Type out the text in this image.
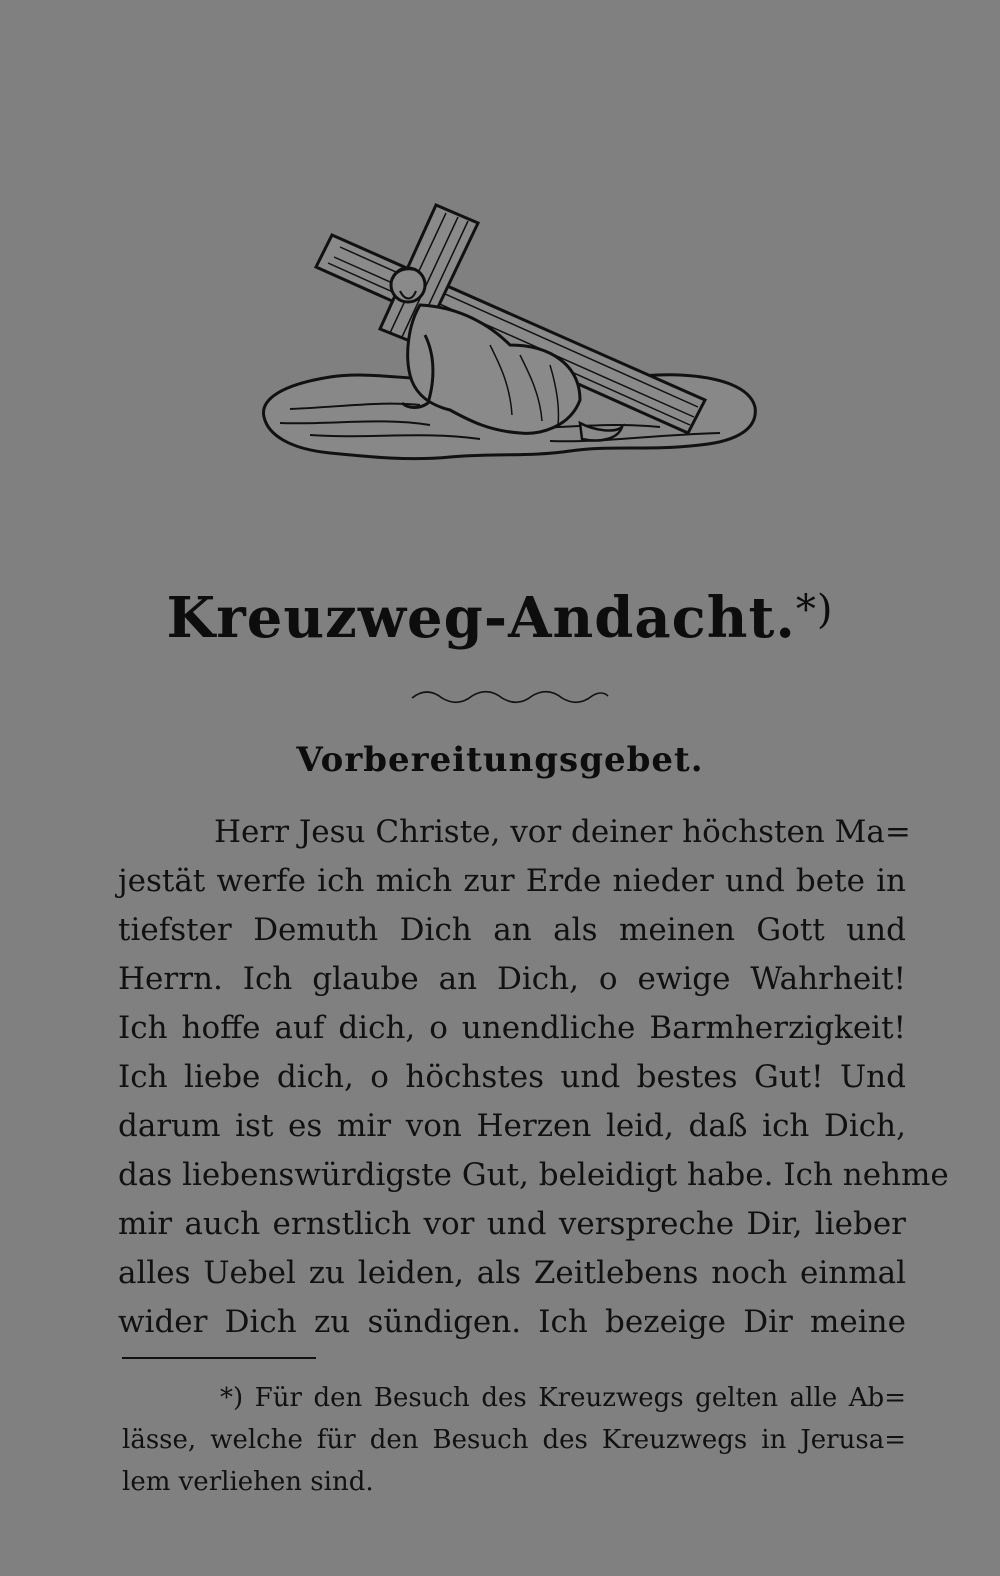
Kreuzweg-Andacht.*)
Vorbereitungsgebet.
Herr Jesu Christe, vor deiner höchsten Ma=
jestät werfe ich mich zur Erde nieder und bete in
tiefster Demuth Dich an als meinen Gott und
Herrn. Ich glaube an Dich, o ewige Wahrheit!
Ich hoffe auf dich, o unendliche Barmherzigkeit!
Ich liebe dich, o höchstes und bestes Gut! Und
darum ist es mir von Herzen leid, daß ich Dich,
das liebenswürdigste Gut, beleidigt habe. Ich nehme
mir auch ernstlich vor und verspreche Dir, lieber
alles Uebel zu leiden, als Zeitlebens noch einmal
wider Dich zu sündigen. Ich bezeige Dir meine
*) Für den Besuch des Kreuzwegs gelten alle Ab=
lässe, welche für den Besuch des Kreuzwegs in Jerusa=
lem verliehen sind.
